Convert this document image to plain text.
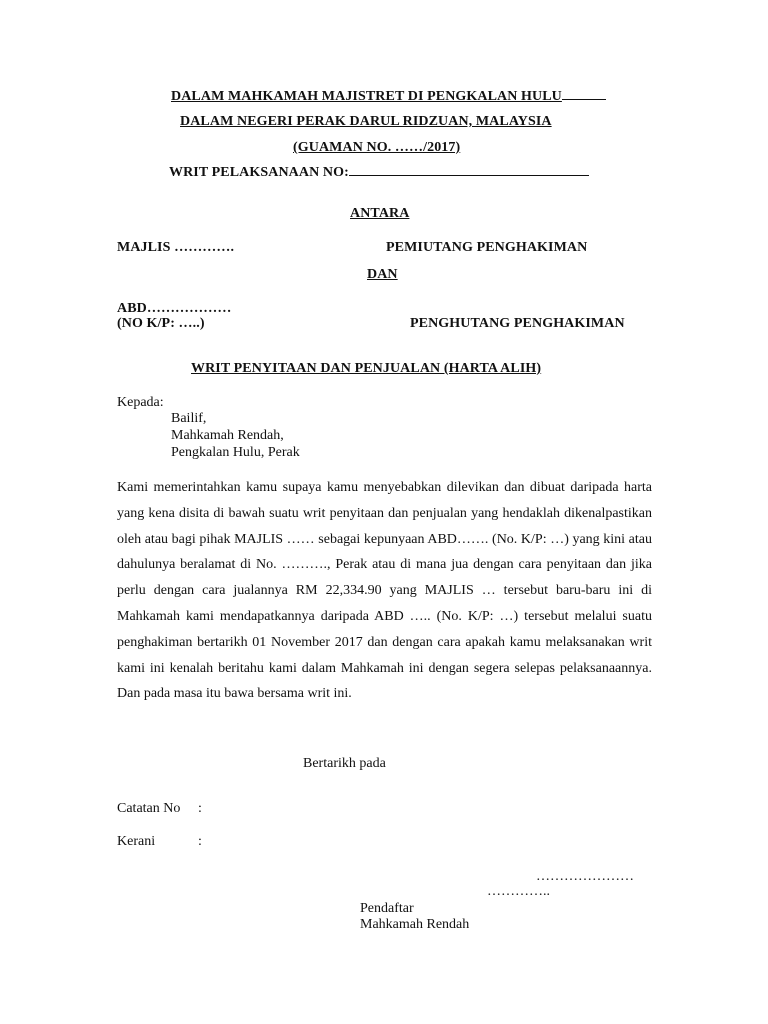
DALAM MAHKAMAH MAJISTRET DI PENGKALAN HULU
DALAM NEGERI PERAK DARUL RIDZUAN, MALAYSIA
(GUAMAN NO. ……/2017)
WRIT PELAKSANAAN NO:
ANTARA
MAJLIS ………….	PEMIUTANG PENGHAKIMAN
DAN
ABD………………
(NO K/P: …..)	PENGHUTANG PENGHAKIMAN
WRIT PENYITAAN DAN PENJUALAN (HARTA ALIH)
Kepada:
Bailif,
Mahkamah Rendah,
Pengkalan Hulu, Perak
Kami memerintahkan kamu supaya kamu menyebabkan dilevikan dan dibuat daripada harta yang kena disita di bawah suatu writ penyitaan dan penjualan yang hendaklah dikenalpastikan oleh atau bagi pihak MAJLIS …… sebagai kepunyaan ABD……. (No. K/P: …) yang kini atau dahulunya beralamat di No. ………., Perak atau di mana jua dengan cara penyitaan dan jika perlu dengan cara jualannya RM 22,334.90 yang MAJLIS … tersebut baru-baru ini di Mahkamah kami mendapatkannya daripada ABD ….. (No. K/P: …) tersebut melalui suatu penghakiman bertarikh 01 November 2017 dan dengan cara apakah kamu melaksanakan writ kami ini kenalah beritahu kami dalam Mahkamah ini dengan segera selepas pelaksanaannya. Dan pada masa itu bawa bersama writ ini.
Bertarikh pada
Catatan No :
Kerani	:
…………………
…………..
Pendaftar
Mahkamah Rendah
